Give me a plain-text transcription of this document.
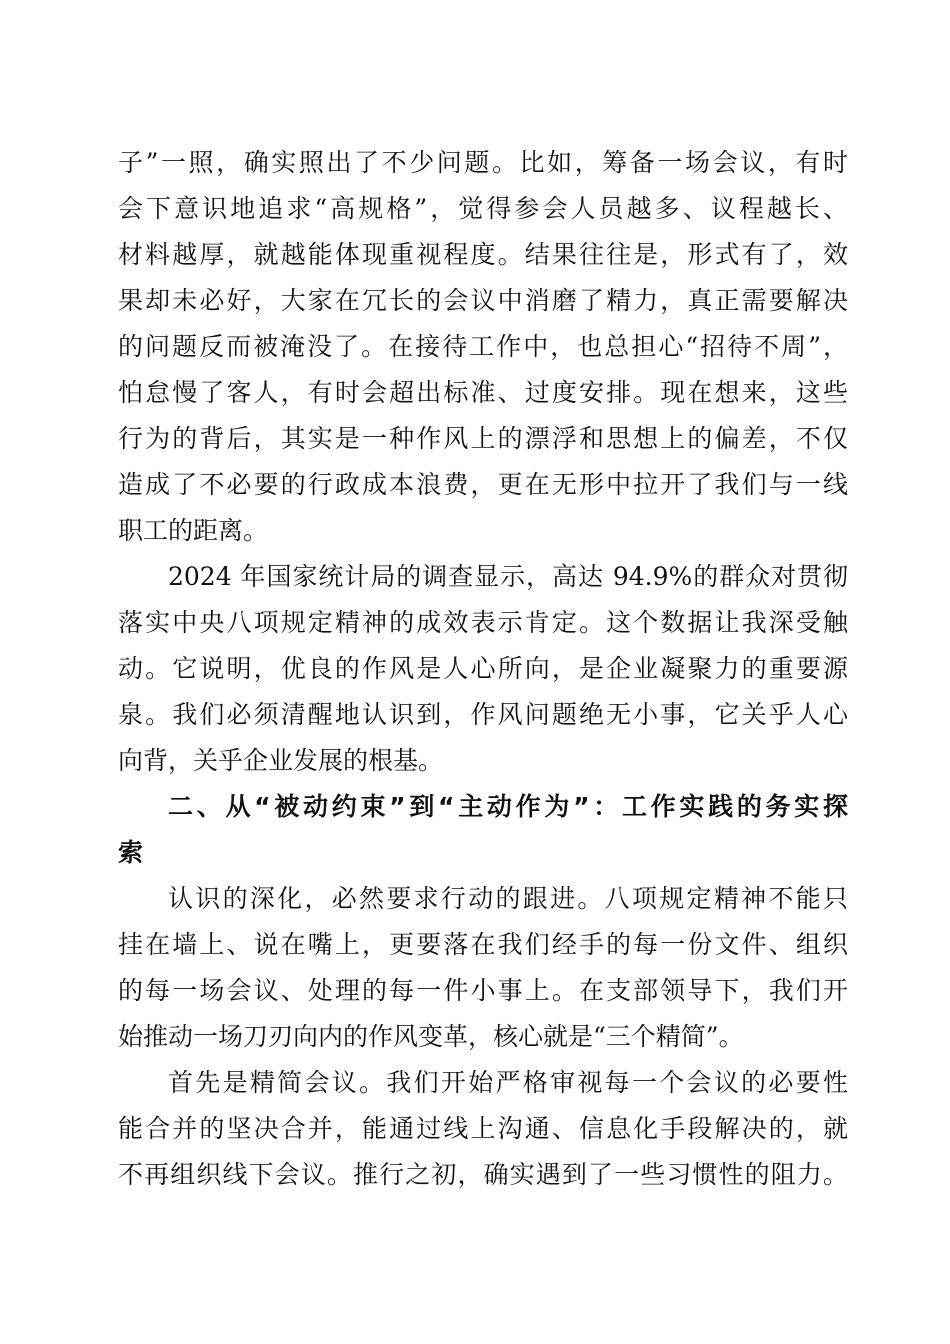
子”一照，确实照出了不少问题。比如，筹备一场会议，有时
会下意识地追求“高规格”，觉得参会人员越多、议程越长、
材料越厚，就越能体现重视程度。结果往往是，形式有了，效
果却未必好，大家在冗长的会议中消磨了精力，真正需要解决
的问题反而被淹没了。在接待工作中，也总担心“招待不周”，
怕怠慢了客人，有时会超出标准、过度安排。现在想来，这些
行为的背后，其实是一种作风上的漂浮和思想上的偏差，不仅
造成了不必要的行政成本浪费，更在无形中拉开了我们与一线
职工的距离。
2024 年国家统计局的调查显示，高达 94.9%的群众对贯彻
落实中央八项规定精神的成效表示肯定。这个数据让我深受触
动。它说明，优良的作风是人心所向，是企业凝聚力的重要源
泉。我们必须清醒地认识到，作风问题绝无小事，它关乎人心
向背，关乎企业发展的根基。
二、从“被动约束”到“主动作为”：工作实践的务实探
索
认识的深化，必然要求行动的跟进。八项规定精神不能只
挂在墙上、说在嘴上，更要落在我们经手的每一份文件、组织
的每一场会议、处理的每一件小事上。在支部领导下，我们开
始推动一场刀刃向内的作风变革，核心就是“三个精简”。
首先是精简会议。我们开始严格审视每一个会议的必要性
能合并的坚决合并，能通过线上沟通、信息化手段解决的，就
不再组织线下会议。推行之初，确实遇到了一些习惯性的阻力。
